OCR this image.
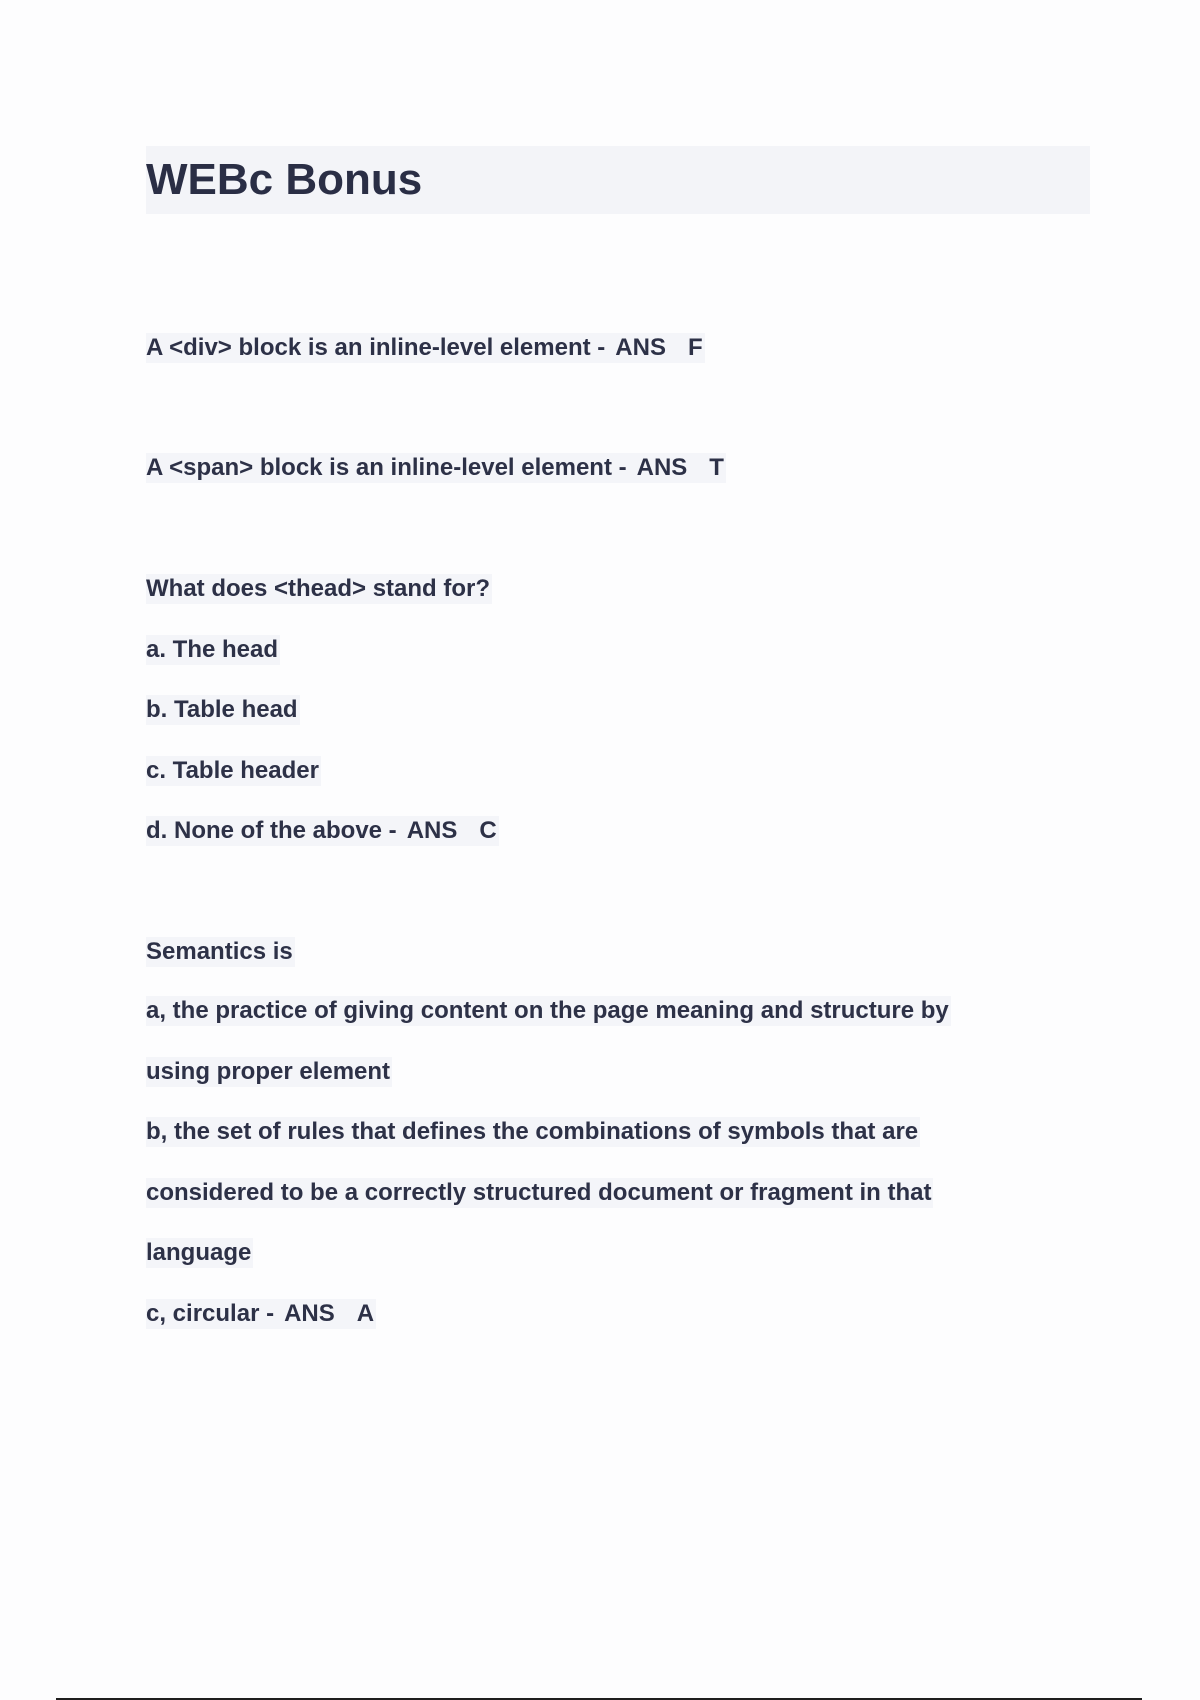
WEBc Bonus
A <div> block is an inline-level element - ANS F
A <span> block is an inline-level element - ANS T
What does <thead> stand for?
a. The head
b. Table head
c. Table header
d. None of the above - ANS C
Semantics is
a, the practice of giving content on the page meaning and structure by
using proper element
b, the set of rules that defines the combinations of symbols that are
considered to be a correctly structured document or fragment in that
language
c, circular - ANS A
